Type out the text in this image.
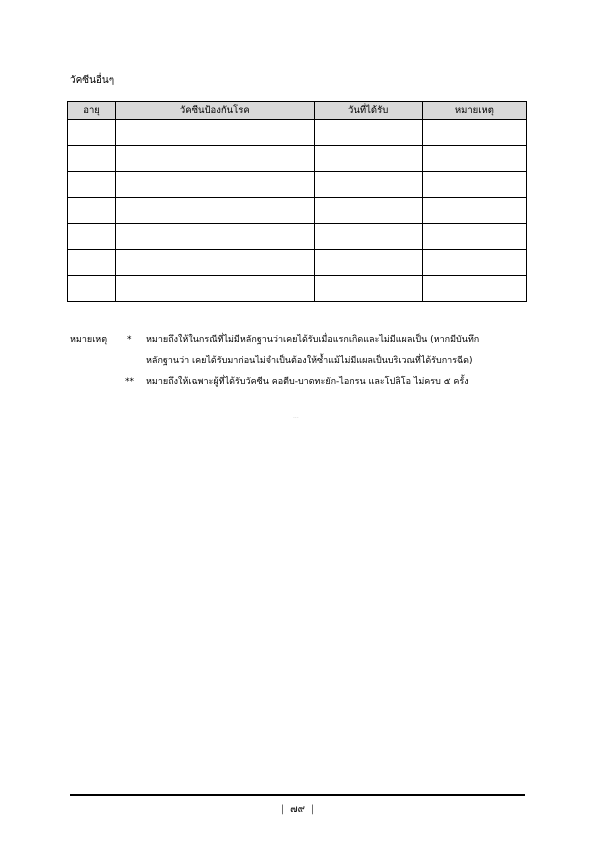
วัคซีนอื่นๆ
อายุ	วัคซีนป้องกันโรค	วันที่ได้รับ	หมายเหตุ

หมายเหตุ * หมายถึงให้ในกรณีที่ไม่มีหลักฐานว่าเคยได้รับเมื่อแรกเกิดและไม่มีแผลเป็น (หากมีบันทึก
หลักฐานว่า เคยได้รับมาก่อนไม่จำเป็นต้องให้ซ้ำแม้ไม่มีแผลเป็นบริเวณที่ได้รับการฉีด)
** หมายถึงให้เฉพาะผู้ที่ได้รับวัคซีน คอตีบ-บาดทะยัก-ไอกรน และโปลิโอ ไม่ครบ ๕ ครั้ง
···
| ๗๙ |
